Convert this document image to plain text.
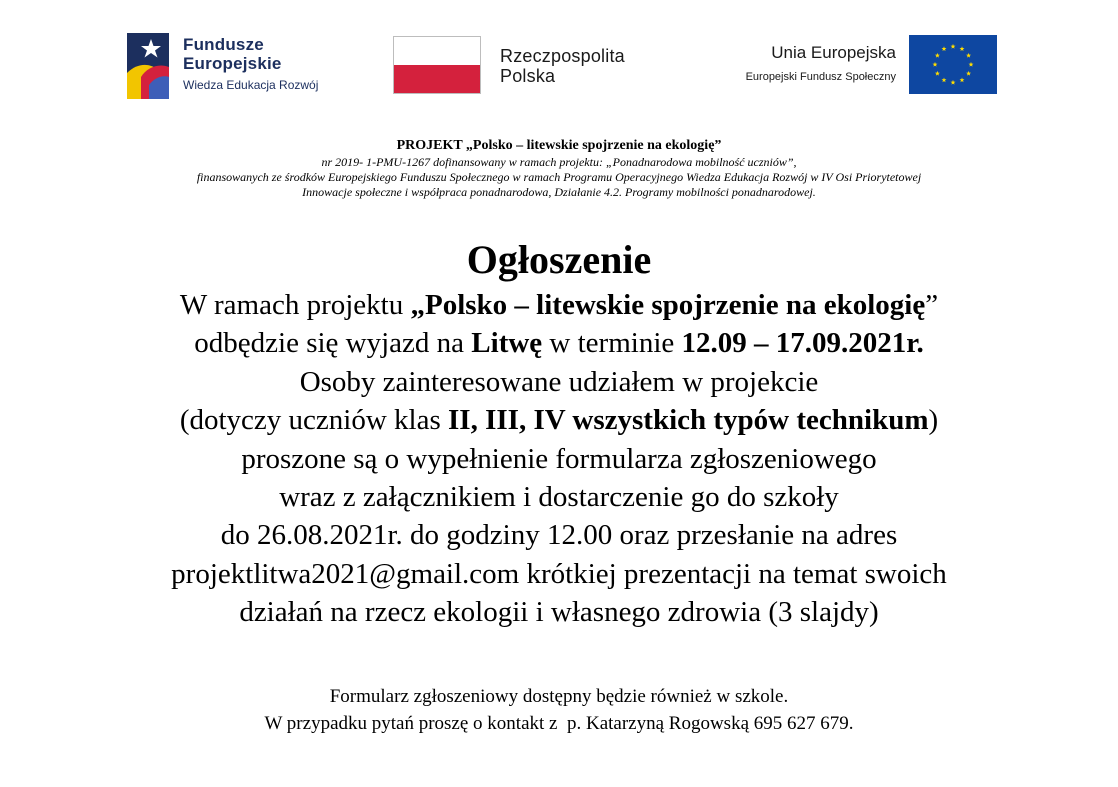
Fundusze
Europejskie
Wiedza Edukacja Rozwój
Rzeczpospolita
Polska
Unia Europejska
Europejski Fundusz Społeczny
PROJEKT „Polsko – litewskie spojrzenie na ekologię”
nr 2019- 1-PMU-1267 dofinansowany w ramach projektu: „Ponadnarodowa mobilność uczniów”,
finansowanych ze środków Europejskiego Funduszu Społecznego w ramach Programu Operacyjnego Wiedza Edukacja Rozwój w IV Osi Priorytetowej
Innowacje społeczne i współpraca ponadnarodowa, Działanie 4.2. Programy mobilności ponadnarodowej.
Ogłoszenie
W ramach projektu „Polsko – litewskie spojrzenie na ekologię”
odbędzie się wyjazd na Litwę w terminie 12.09 – 17.09.2021r.
Osoby zainteresowane udziałem w projekcie
(dotyczy uczniów klas II, III, IV wszystkich typów technikum)
proszone są o wypełnienie formularza zgłoszeniowego
wraz z załącznikiem i dostarczenie go do szkoły
do 26.08.2021r. do godziny 12.00 oraz przesłanie na adres
projektlitwa2021@gmail.com krótkiej prezentacji na temat swoich
działań na rzecz ekologii i własnego zdrowia (3 slajdy)
Formularz zgłoszeniowy dostępny będzie również w szkole.
W przypadku pytań proszę o kontakt z  p. Katarzyną Rogowską 695 627 679.
